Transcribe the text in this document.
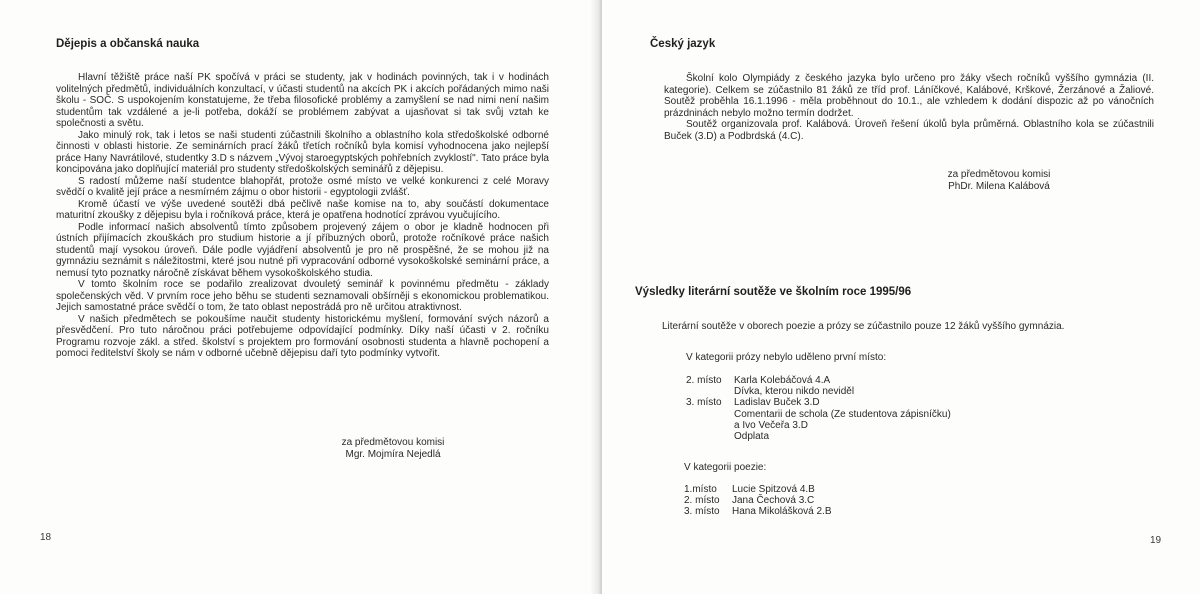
Dějepis a občanská nauka

Hlavní těžiště práce naší PK spočívá v práci se studenty, jak v hodinách povinných, tak i v hodinách volitelných předmětů, individuálních konzultací, v účasti studentů na akcích PK i akcích pořádaných mimo naši školu - SOČ. S uspokojením konstatujeme, že třeba filosofické problémy a zamyšlení se nad nimi není našim studentům tak vzdálené a je-li potřeba, dokáží se problémem zabývat a ujasňovat si tak svůj vztah ke společnosti a světu.

Jako minulý rok, tak i letos se naši studenti zúčastnili školního a oblastního kola středoškolské odborné činnosti v oblasti historie. Ze seminárních prací žáků třetích ročníků byla komisí vyhodnocena jako nejlepší práce Hany Navrátilové, studentky 3.D s názvem „Vývoj staroegyptských pohřebních zvyklostí". Tato práce byla koncipována jako doplňující materiál pro studenty středoškolských seminářů z dějepisu.

S radostí můžeme naší studentce blahopřát, protože osmé místo ve velké konkurenci z celé Moravy svědčí o kvalitě její práce a nesmírném zájmu o obor historii - egyptologii zvlášť.

Kromě účastí ve výše uvedené soutěži dbá pečlivě naše komise na to, aby součástí dokumentace maturitní zkoušky z dějepisu byla i ročníková práce, která je opatřena hodnotící zprávou vyučujícího.

Podle informací našich absolventů tímto způsobem projevený zájem o obor je kladně hodnocen při ústních přijímacích zkouškách pro studium historie a jí příbuzných oborů, protože ročníkové práce našich studentů mají vysokou úroveň. Dále podle vyjádření absolventů je pro ně prospěšné, že se mohou již na gymnáziu seznámit s náležitostmi, které jsou nutné při vypracování odborné vysokoškolské seminární práce, a nemusí tyto poznatky náročně získávat během vysokoškolského studia.

V tomto školním roce se podařilo zrealizovat dvouletý seminář k povinnému předmětu - základy společenských věd. V prvním roce jeho běhu se studenti seznamovali obšírněji s ekonomickou problematikou. Jejich samostatné práce svědčí o tom, že tato oblast nepostrádá pro ně určitou atraktivnost.

V našich předmětech se pokoušíme naučit studenty historickému myšlení, formování svých názorů a přesvědčení. Pro tuto náročnou práci potřebujeme odpovídající podmínky. Díky naší účasti v 2. ročníku Programu rozvoje zákl. a střed. školství s projektem pro formování osobnosti studenta a hlavně pochopení a pomoci ředitelství školy se nám v odborné učebně dějepisu daří tyto podmínky vytvořit.

za předmětovou komisi
Mgr. Mojmíra Nejedlá
18
Český jazyk

Školní kolo Olympiády z českého jazyka bylo určeno pro žáky všech ročníků vyššího gymnázia (II. kategorie). Celkem se zúčastnilo 81 žáků ze tříd prof. Láníčkové, Kalábové, Krškové, Žerzánové a Žaliové. Soutěž proběhla 16.1.1996 - měla proběhnout do 10.1., ale vzhledem k dodání dispozic až po vánočních prázdninách nebylo možno termín dodržet.

Soutěž organizovala prof. Kalábová. Úroveň řešení úkolů byla průměrná. Oblastního kola se zúčastnili Buček (3.D) a Podbrdská (4.C).

za předmětovou komisi
PhDr. Milena Kalábová
Výsledky literární soutěže ve školním roce 1995/96
Literární soutěže v oborech poezie a prózy se zúčastnilo pouze 12 žáků vyššího gymnázia.
V kategorii prózy nebylo uděleno první místo:
2. místo	Karla Kolebáčová 4.A
Dívka, kterou nikdo neviděl
3. místo	Ladislav Buček 3.D
Comentarii de schola (Ze studentova zápisníčku)
a Ivo Večeřa 3.D
Odplata
V kategorii poezie:
1.místo	Lucie Spitzová 4.B
2. místo	Jana Čechová 3.C
3. místo	Hana Mikolášková 2.B
19
